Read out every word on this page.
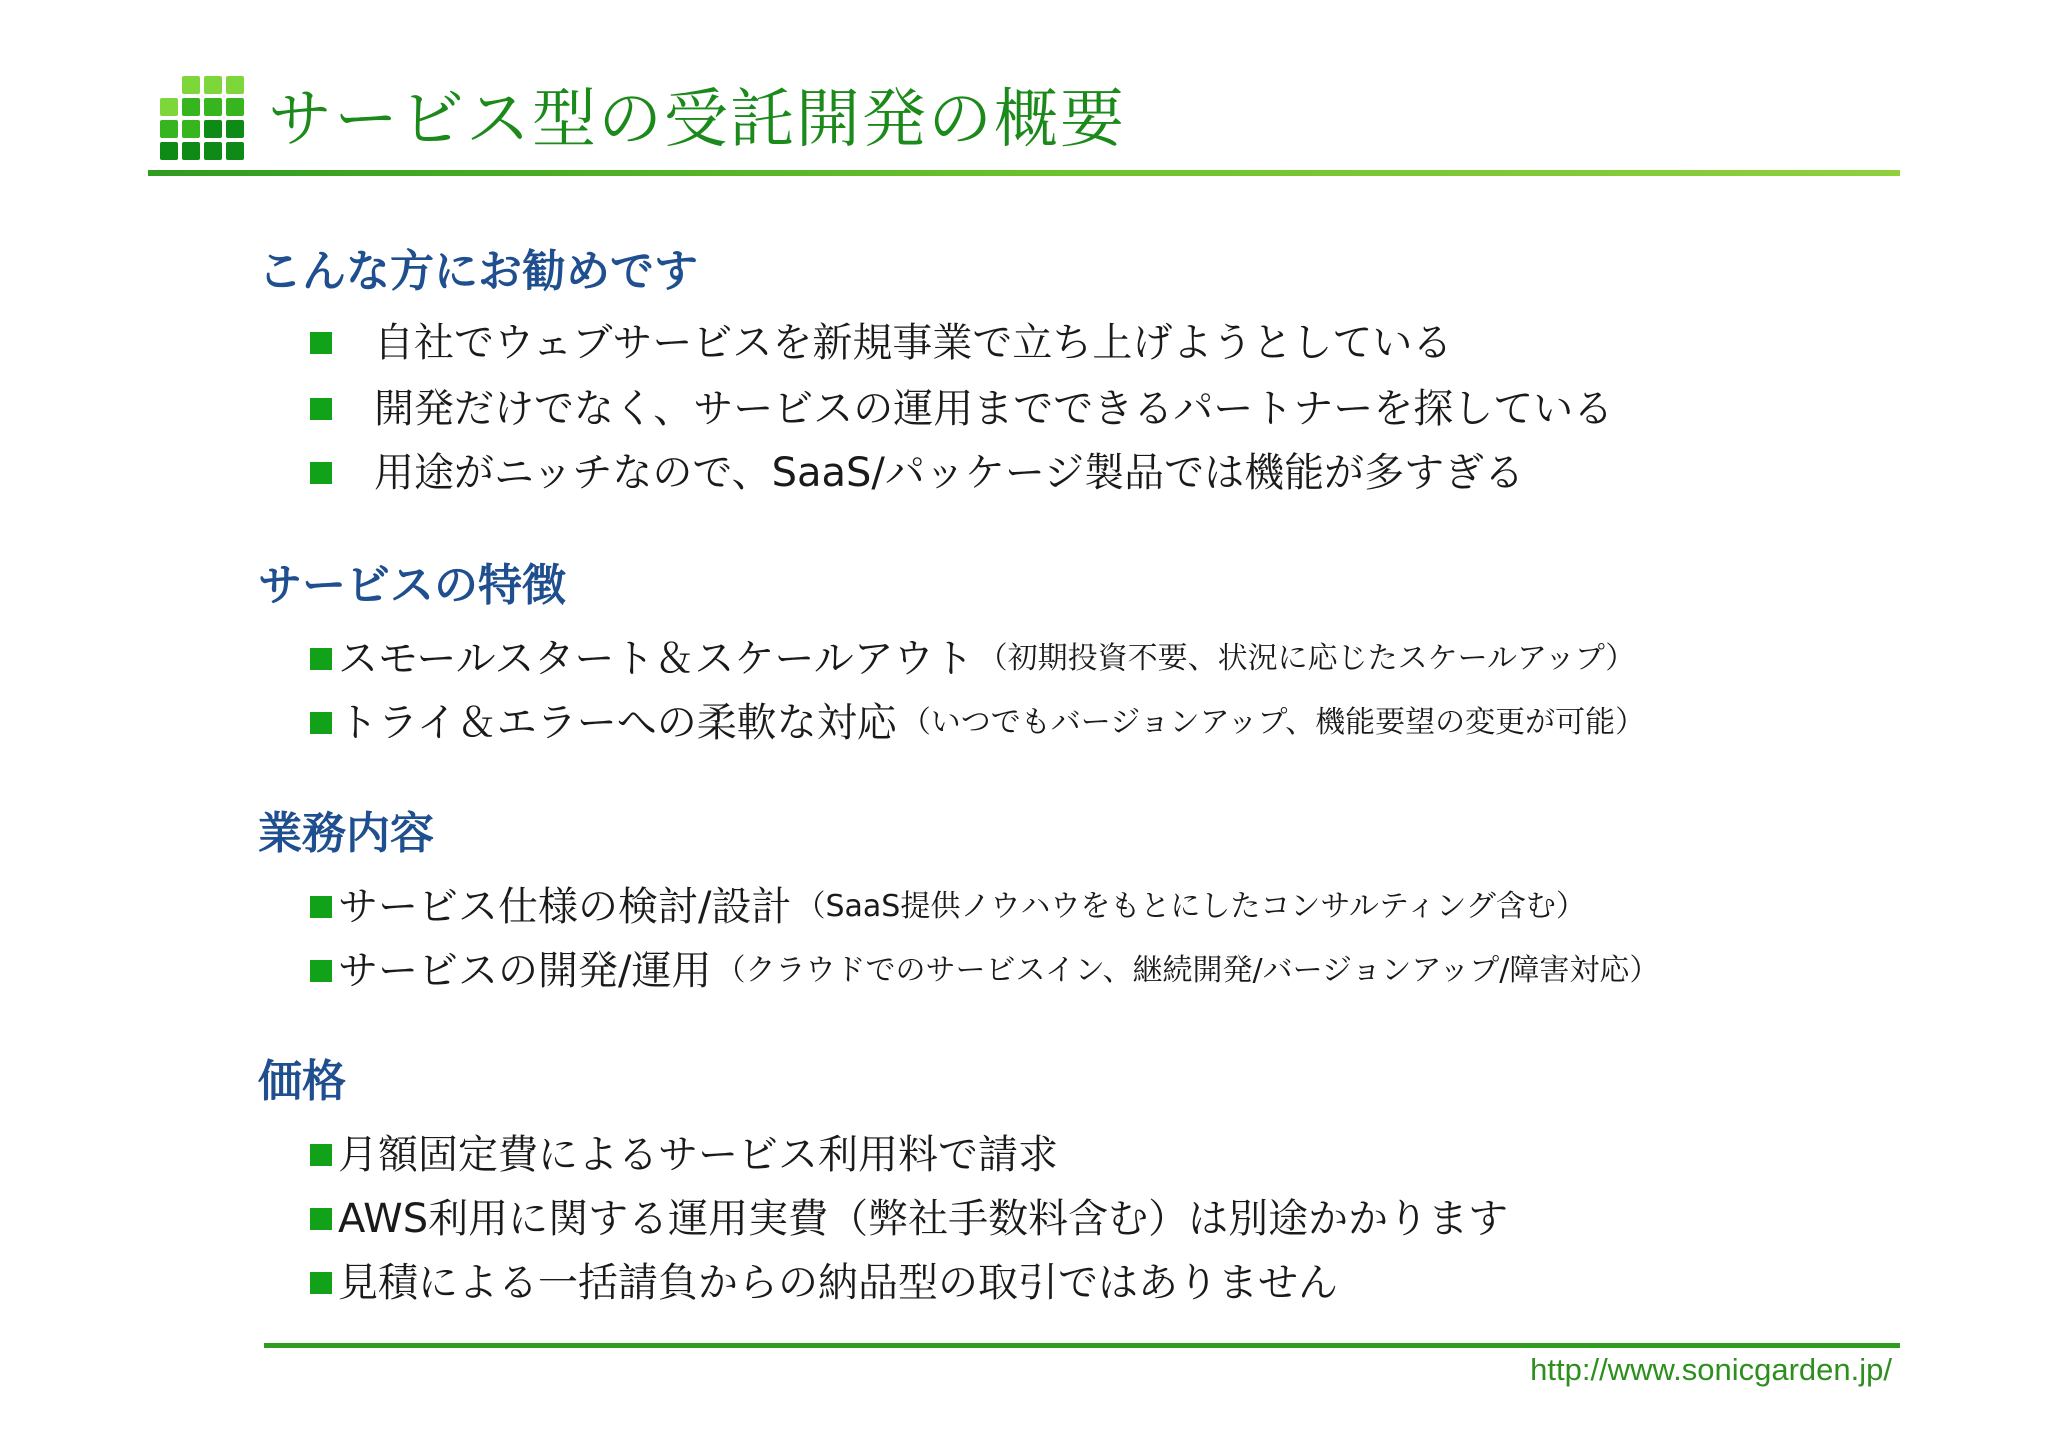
サービス型の受託開発の概要
こんな方にお勧めです
自社でウェブサービスを新規事業で立ち上げようとしている
開発だけでなく、サービスの運用までできるパートナーを探している
用途がニッチなので、SaaS/パッケージ製品では機能が多すぎる
サービスの特徴
スモールスタート＆スケールアウト （初期投資不要、状況に応じたスケールアップ）
トライ＆エラーへの柔軟な対応 （いつでもバージョンアップ、機能要望の変更が可能）
業務内容
サービス仕様の検討/設計 （SaaS提供ノウハウをもとにしたコンサルティング含む）
サービスの開発/運用 （クラウドでのサービスイン、継続開発/バージョンアップ/障害対応）
価格
月額固定費によるサービス利用料で請求
AWS利用に関する運用実費（弊社手数料含む）は別途かかります
見積による一括請負からの納品型の取引ではありません
http://www.sonicgarden.jp/
